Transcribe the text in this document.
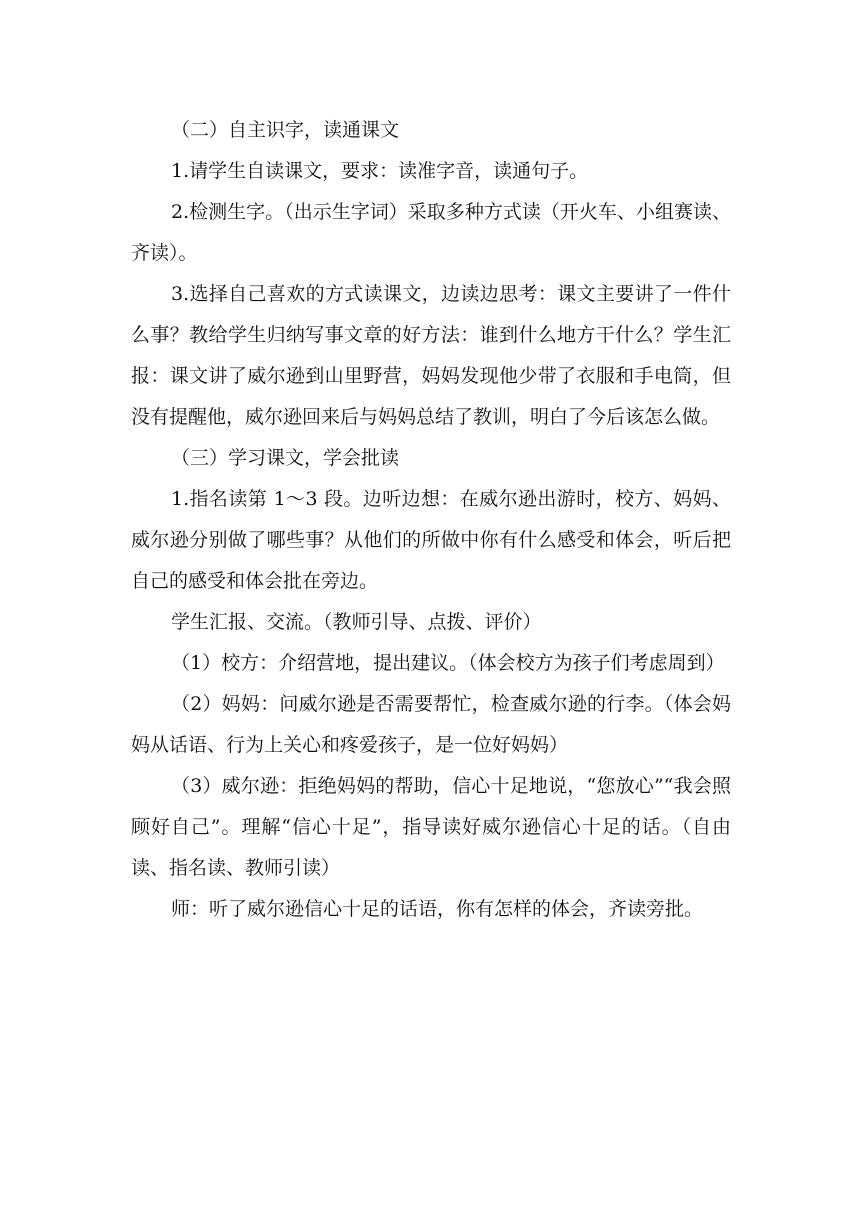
（二）自主识字，读通课文

1.请学生自读课文，要求：读准字音，读通句子。

2.检测生字。（出示生字词）采取多种方式读（开火车、小组赛读、齐读）。

3.选择自己喜欢的方式读课文，边读边思考：课文主要讲了一件什么事？教给学生归纳写事文章的好方法：谁到什么地方干什么？学生汇报：课文讲了威尔逊到山里野营，妈妈发现他少带了衣服和手电筒，但没有提醒他，威尔逊回来后与妈妈总结了教训，明白了今后该怎么做。

（三）学习课文，学会批读

1.指名读第 1～3 段。边听边想：在威尔逊出游时，校方、妈妈、威尔逊分别做了哪些事？从他们的所做中你有什么感受和体会，听后把自己的感受和体会批在旁边。

学生汇报、交流。（教师引导、点拨、评价）

（1）校方：介绍营地，提出建议。（体会校方为孩子们考虑周到）

（2）妈妈：问威尔逊是否需要帮忙，检查威尔逊的行李。（体会妈妈从话语、行为上关心和疼爱孩子，是一位好妈妈）

（3）威尔逊：拒绝妈妈的帮助，信心十足地说，“您放心”“我会照顾好自己”。理解“信心十足”，指导读好威尔逊信心十足的话。（自由读、指名读、教师引读）

师：听了威尔逊信心十足的话语，你有怎样的体会，齐读旁批。
